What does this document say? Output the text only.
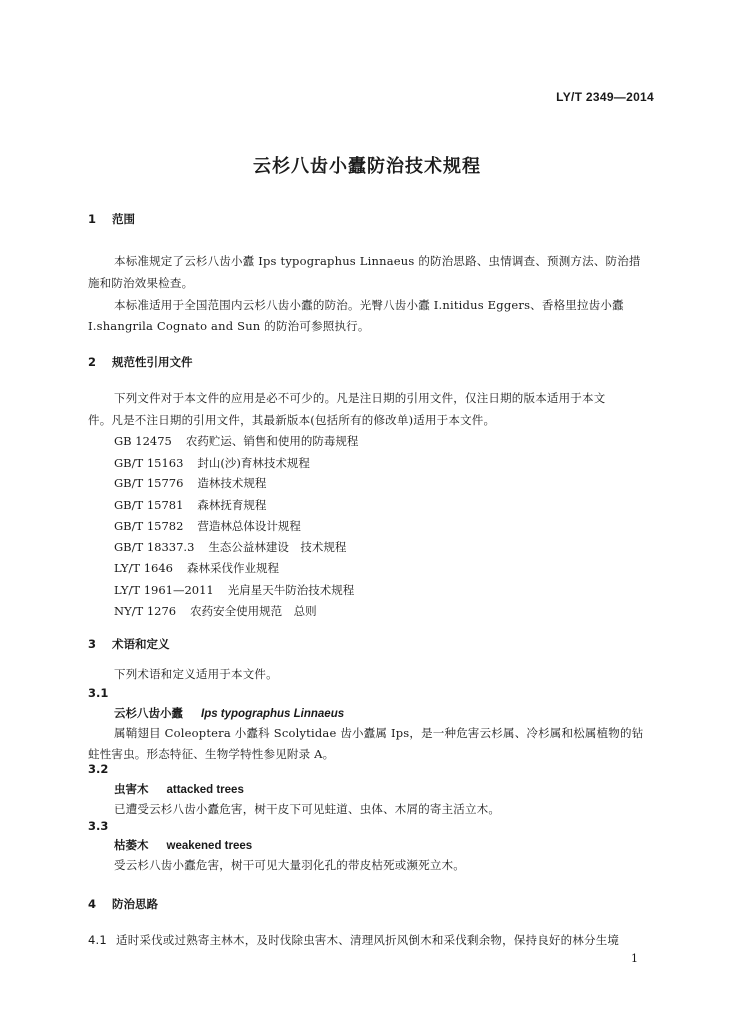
LY/T 2349—2014
云杉八齿小蠹防治技术规程
1 范围
本标准规定了云杉八齿小蠹 Ips typographus Linnaeus 的防治思路、虫情调查、预测方法、防治措
施和防治效果检查。
本标准适用于全国范围内云杉八齿小蠹的防治。光臀八齿小蠹 I.nitidus Eggers、香格里拉齿小蠹
I.shangrila Cognato and Sun 的防治可参照执行。
2 规范性引用文件
下列文件对于本文件的应用是必不可少的。凡是注日期的引用文件，仅注日期的版本适用于本文
件。凡是不注日期的引用文件，其最新版本(包括所有的修改单)适用于本文件。
GB 12475 农药贮运、销售和使用的防毒规程
GB/T 15163 封山(沙)育林技术规程
GB/T 15776 造林技术规程
GB/T 15781 森林抚育规程
GB/T 15782 营造林总体设计规程
GB/T 18337.3 生态公益林建设　技术规程
LY/T 1646 森林采伐作业规程
LY/T 1961—2011 光肩星天牛防治技术规程
NY/T 1276 农药安全使用规范　总则
3 术语和定义
下列术语和定义适用于本文件。
3.1
云杉八齿小蠹 Ips typographus Linnaeus
属鞘翅目 Coleoptera 小蠹科 Scolytidae 齿小蠹属 Ips，是一种危害云杉属、冷杉属和松属植物的钻
蛀性害虫。形态特征、生物学特性参见附录 A。
3.2
虫害木 attacked trees
已遭受云杉八齿小蠹危害，树干皮下可见蛀道、虫体、木屑的寄主活立木。
3.3
枯萎木 weakened trees
受云杉八齿小蠹危害，树干可见大量羽化孔的带皮枯死或濒死立木。
4 防治思路
4.1 适时采伐或过熟寄主林木，及时伐除虫害木、清理风折风倒木和采伐剩余物，保持良好的林分生境
1
